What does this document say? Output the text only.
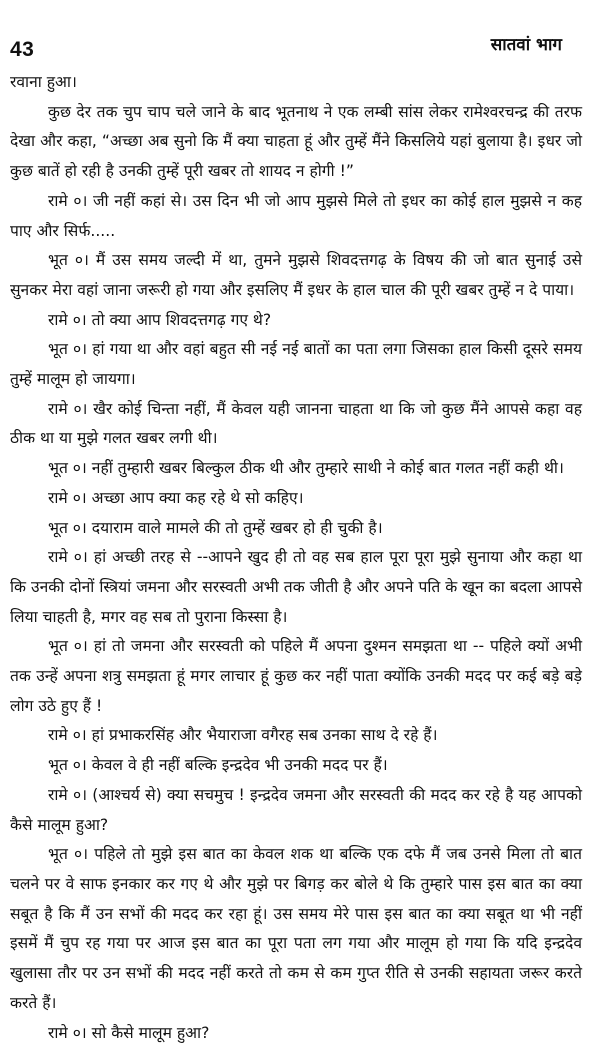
43	सातवां भाग

रवाना हुआ।

कुछ देर तक चुप चाप चले जाने के बाद भूतनाथ ने एक लम्बी सांस लेकर रामेश्वरचन्द्र की तरफ देखा और कहा, “अच्छा अब सुनो कि मैं क्या चाहता हूं और तुम्हें मैंने किसलिये यहां बुलाया है। इधर जो कुछ बातें हो रही है उनकी तुम्हें पूरी खबर तो शायद न होगी !”

रामे ०। जी नहीं कहां से। उस दिन भी जो आप मुझसे मिले तो इधर का कोई हाल मुझसे न कह पाए और सिर्फ.....

भूत ०। मैं उस समय जल्दी में था, तुमने मुझसे शिवदत्तगढ़ के विषय की जो बात सुनाई उसे सुनकर मेरा वहां जाना जरूरी हो गया और इसलिए मैं इधर के हाल चाल की पूरी खबर तुम्हें न दे पाया।

रामे ०। तो क्या आप शिवदत्तगढ़ गए थे?

भूत ०। हां गया था और वहां बहुत सी नई नई बातों का पता लगा जिसका हाल किसी दूसरे समय तुम्हें मालूम हो जायगा।

रामे ०। खैर कोई चिन्ता नहीं, मैं केवल यही जानना चाहता था कि जो कुछ मैंने आपसे कहा वह ठीक था या मुझे गलत खबर लगी थी।

भूत ०। नहीं तुम्हारी खबर बिल्कुल ठीक थी और तुम्हारे साथी ने कोई बात गलत नहीं कही थी।

रामे ०। अच्छा आप क्या कह रहे थे सो कहिए।

भूत ०। दयाराम वाले मामले की तो तुम्हें खबर हो ही चुकी है।

रामे ०। हां अच्छी तरह से --आपने खुद ही तो वह सब हाल पूरा पूरा मुझे सुनाया और कहा था कि उनकी दोनों स्त्रियां जमना और सरस्वती अभी तक जीती है और अपने पति के खून का बदला आपसे लिया चाहती है, मगर वह सब तो पुराना किस्सा है।

भूत ०। हां तो जमना और सरस्वती को पहिले मैं अपना दुश्मन समझता था -- पहिले क्यों अभी तक उन्हें अपना शत्रु समझता हूं मगर लाचार हूं कुछ कर नहीं पाता क्योंकि उनकी मदद पर कई बड़े बड़े लोग उठे हुए हैं !

रामे ०। हां प्रभाकरसिंह और भैयाराजा वगैरह सब उनका साथ दे रहे हैं।

भूत ०। केवल वे ही नहीं बल्कि इन्द्रदेव भी उनकी मदद पर हैं।

रामे ०। (आश्चर्य से) क्या सचमुच ! इन्द्रदेव जमना और सरस्वती की मदद कर रहे है यह आपको कैसे मालूम हुआ?

भूत ०। पहिले तो मुझे इस बात का केवल शक था बल्कि एक दफे मैं जब उनसे मिला तो बात चलने पर वे साफ इनकार कर गए थे और मुझे पर बिगड़ कर बोले थे कि तुम्हारे पास इस बात का क्या सबूत है कि मैं उन सभों की मदद कर रहा हूं। उस समय मेरे पास इस बात का क्या सबूत था भी नहीं इसमें मैं चुप रह गया पर आज इस बात का पूरा पता लग गया और मालूम हो गया कि यदि इन्द्रदेव खुलासा तौर पर उन सभों की मदद नहीं करते तो कम से कम गुप्त रीति से उनकी सहायता जरूर करते करते हैं।

रामे ०। सो कैसे मालूम हुआ?
